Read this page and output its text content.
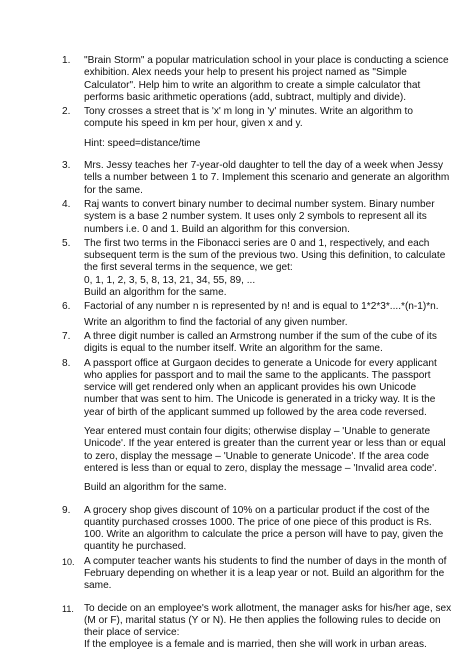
1.	"Brain Storm" a popular matriculation school in your place is conducting a science exhibition. Alex needs your help to present his project named as "Simple Calculator". Help him to write an algorithm to create a simple calculator that performs basic arithmetic operations (add, subtract, multiply and divide).

2.	Tony crosses a street that is 'x' m long in 'y' minutes. Write an algorithm to compute his speed in km per hour, given x and y.

Hint: speed=distance/time

3.	Mrs. Jessy teaches her 7-year-old daughter to tell the day of a week when Jessy tells a number between 1 to 7. Implement this scenario and generate an algorithm for the same.

4.	Raj wants to convert binary number to decimal number system. Binary number system is a base 2 number system. It uses only 2 symbols to represent all its numbers i.e. 0 and 1. Build an algorithm for this conversion.

5.	The first two terms in the Fibonacci series are 0 and 1, respectively, and each subsequent term is the sum of the previous two. Using this definition, to calculate the first several terms in the sequence, we get:

0, 1, 1, 2, 3, 5, 8, 13, 21, 34, 55, 89, ...

Build an algorithm for the same.

6.	Factorial of any number n is represented by n! and is equal to 1*2*3*....*(n-1)*n.

Write an algorithm to find the factorial of any given number.

7.	A three digit number is called an Armstrong number if the sum of the cube of its digits is equal to the number itself. Write an algorithm for the same.

8.	A passport office at Gurgaon decides to generate a Unicode for every applicant who applies for passport and to mail the same to the applicants. The passport service will get rendered only when an applicant provides his own Unicode number that was sent to him. The Unicode is generated in a tricky way. It is the year of birth of the applicant summed up followed by the area code reversed.

Year entered must contain four digits; otherwise display – 'Unable to generate Unicode'. If the year entered is greater than the current year or less than or equal to zero, display the message – 'Unable to generate Unicode'. If the area code entered is less than or equal to zero, display the message – 'Invalid area code'.

Build an algorithm for the same.

9.	A grocery shop gives discount of 10% on a particular product if the cost of the quantity purchased crosses 1000. The price of one piece of this product is Rs. 100. Write an algorithm to calculate the price a person will have to pay, given the quantity he purchased.

10. A computer teacher wants his students to find the number of days in the month of February depending on whether it is a leap year or not. Build an algorithm for the same.

11.	To decide on an employee's work allotment, the manager asks for his/her age, sex (M or F), marital status (Y or N). He then applies the following rules to decide on their place of service:

If the employee is a female and is married, then she will work in urban areas.
